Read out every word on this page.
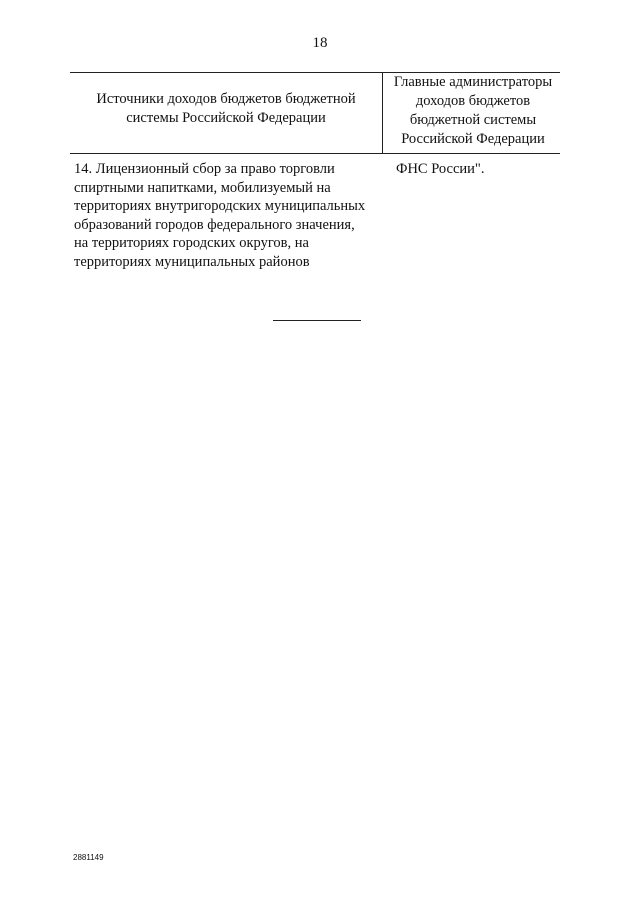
18
Источники доходов бюджетов бюджетной
системы Российской Федерации
Главные администраторы
доходов бюджетов
бюджетной системы
Российской Федерации
14. Лицензионный сбор за право торговли
спиртными напитками, мобилизуемый на
территориях внутригородских муниципальных
образований городов федерального значения,
на территориях городских округов, на
территориях муниципальных районов
ФНС России".
2881149
